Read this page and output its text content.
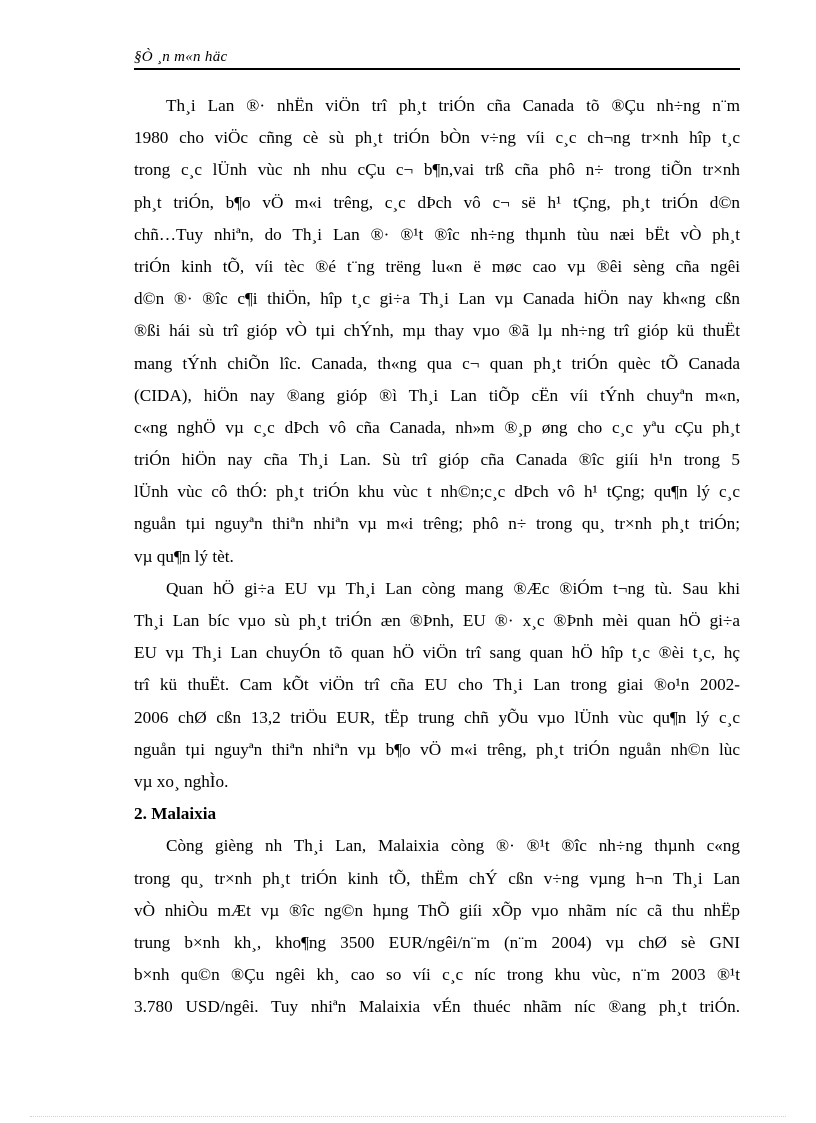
§Ò ¸n m«n häc
Th¸i Lan ®· nhËn viÖn trî ph¸t triÓn cña Canada tõ ®Çu nh÷ng n¨m
1980 cho viÖc cñng cè sù ph¸t triÓn bÒn v÷ng víi c¸c ch¬ng tr×nh hîp t¸c
trong c¸c lÜnh vùc nh nhu cÇu c¬ b¶n,vai trß cña phô n÷ trong tiÕn tr×nh
ph¸t triÓn, b¶o vÖ m«i trêng, c¸c dÞch vô c¬ së h¹ tÇng, ph¸t triÓn d©n
chñ…Tuy nhiªn, do Th¸i Lan ®· ®¹t ®îc nh÷ng thµnh tùu næi bËt vÒ ph¸t
triÓn kinh tÕ, víi tèc ®é t¨ng trëng lu«n ë møc cao vµ ®êi sèng cña ngêi
d©n ®· ®îc c¶i thiÖn, hîp t¸c gi÷a Th¸i Lan vµ Canada hiÖn nay kh«ng cßn
®ßi hái sù trî gióp vÒ tµi chÝnh, mµ thay vµo ®ã lµ nh÷ng trî gióp kü thuËt
mang tÝnh chiÕn lîc. Canada, th«ng qua c¬ quan ph¸t triÓn quèc tÕ Canada
(CIDA), hiÖn nay ®ang gióp ®ì Th¸i Lan tiÕp cËn víi tÝnh chuyªn m«n,
c«ng nghÖ vµ c¸c dÞch vô cña Canada, nh»m ®¸p øng cho c¸c yªu cÇu ph¸t
triÓn hiÖn nay cña Th¸i Lan. Sù trî gióp cña Canada ®îc giíi h¹n trong 5
lÜnh vùc cô thÓ: ph¸t triÓn khu vùc t nh©n;c¸c dÞch vô h¹ tÇng; qu¶n lý c¸c
nguån tµi nguyªn thiªn nhiªn vµ m«i trêng; phô n÷ trong qu¸ tr×nh ph¸t triÓn;
vµ qu¶n lý tèt.
Quan hÖ gi÷a EU vµ Th¸i Lan còng mang ®Æc ®iÓm t¬ng tù. Sau khi
Th¸i Lan bíc vµo sù ph¸t triÓn æn ®Þnh, EU ®· x¸c ®Þnh mèi quan hÖ gi÷a
EU vµ Th¸i Lan chuyÓn tõ quan hÖ viÖn trî sang quan hÖ hîp t¸c ®èi t¸c, hç
trî kü thuËt. Cam kÕt viÖn trî cña EU cho Th¸i Lan trong giai ®o¹n 2002-
2006 chØ cßn 13,2 triÖu EUR, tËp trung chñ yÕu vµo lÜnh vùc qu¶n lý c¸c
nguån tµi nguyªn thiªn nhiªn vµ b¶o vÖ m«i trêng, ph¸t triÓn nguån nh©n lùc
vµ xo¸ nghÌo.
2. Malaixia
Còng gièng nh Th¸i Lan, Malaixia còng ®· ®¹t ®îc nh÷ng thµnh c«ng
trong qu¸ tr×nh ph¸t triÓn kinh tÕ, thËm chÝ cßn v÷ng vµng h¬n Th¸i Lan
vÒ nhiÒu mÆt vµ ®îc ng©n hµng ThÕ giíi xÕp vµo nhãm níc cã thu nhËp
trung b×nh kh¸, kho¶ng 3500 EUR/ngêi/n¨m (n¨m 2004) vµ chØ sè GNI
b×nh qu©n ®Çu ngêi kh¸ cao so víi c¸c níc trong khu vùc, n¨m 2003 ®¹t
3.780 USD/ngêi. Tuy nhiªn Malaixia vÉn thuéc nhãm níc ®ang ph¸t triÓn.
